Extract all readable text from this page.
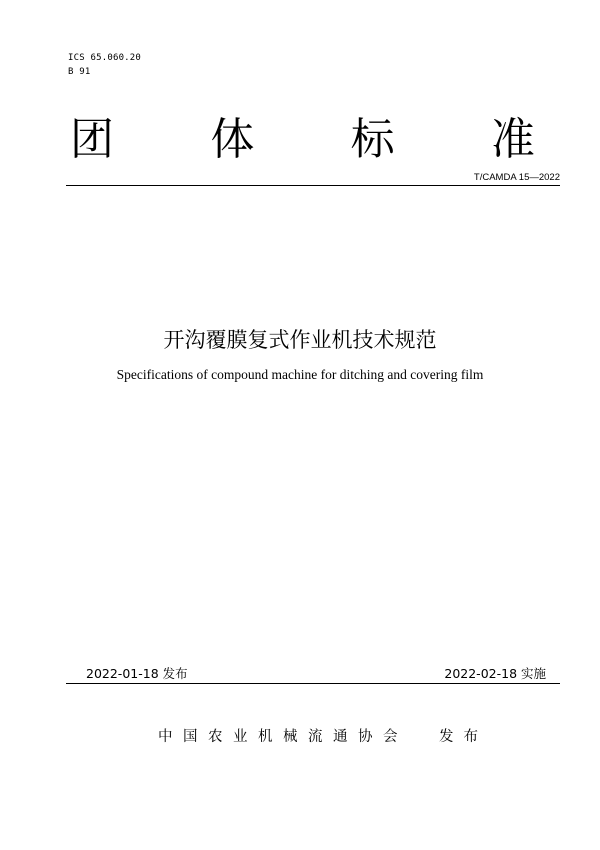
ICS 65.060.20
B 91
团 体 标 准
T/CAMDA 15—2022
开沟覆膜复式作业机技术规范
Specifications of compound machine for ditching and covering film
2022-01-18 发布	2022-02-18 实施
中国农业机械流通协会 发布
